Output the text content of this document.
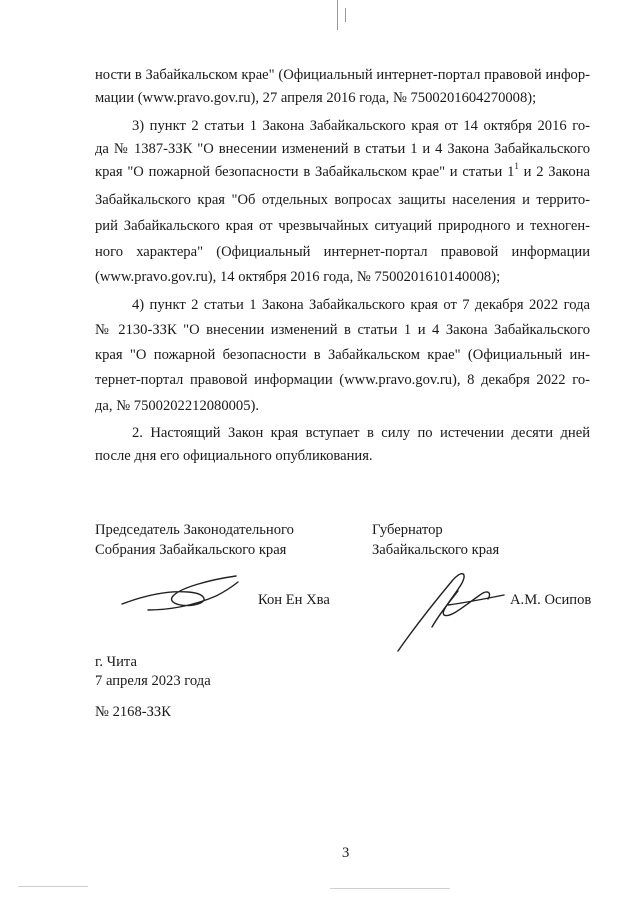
ности в Забайкальском крае" (Официальный интернет-портал правовой инфор-
мации (www.pravo.gov.ru), 27 апреля 2016 года, № 7500201604270008);
3) пункт 2 статьи 1 Закона Забайкальского края от 14 октября 2016 го-
да № 1387-ЗЗК "О внесении изменений в статьи 1 и 4 Закона Забайкальского
края "О пожарной безопасности в Забайкальском крае" и статьи $1^1$ и 2 Закона
Забайкальского края "Об отдельных вопросах защиты населения и террито-
рий Забайкальского края от чрезвычайных ситуаций природного и техноген-
ного характера" (Официальный интернет-портал правовой информации
(www.pravo.gov.ru), 14 октября 2016 года, № 7500201610140008);
4) пункт 2 статьи 1 Закона Забайкальского края от 7 декабря 2022 года
№ 2130-ЗЗК "О внесении изменений в статьи 1 и 4 Закона Забайкальского
края "О пожарной безопасности в Забайкальском крае" (Официальный ин-
тернет-портал правовой информации (www.pravo.gov.ru), 8 декабря 2022 го-
да, № 7500202212080005).
2. Настоящий Закон края вступает в силу по истечении десяти дней
после дня его официального опубликования.
Председатель Законодательного
Собрания Забайкальского края
Губернатор
Забайкальского края
Кон Ен Хва	А.М. Осипов
г. Чита
7 апреля 2023 года
№ 2168-ЗЗК
3
